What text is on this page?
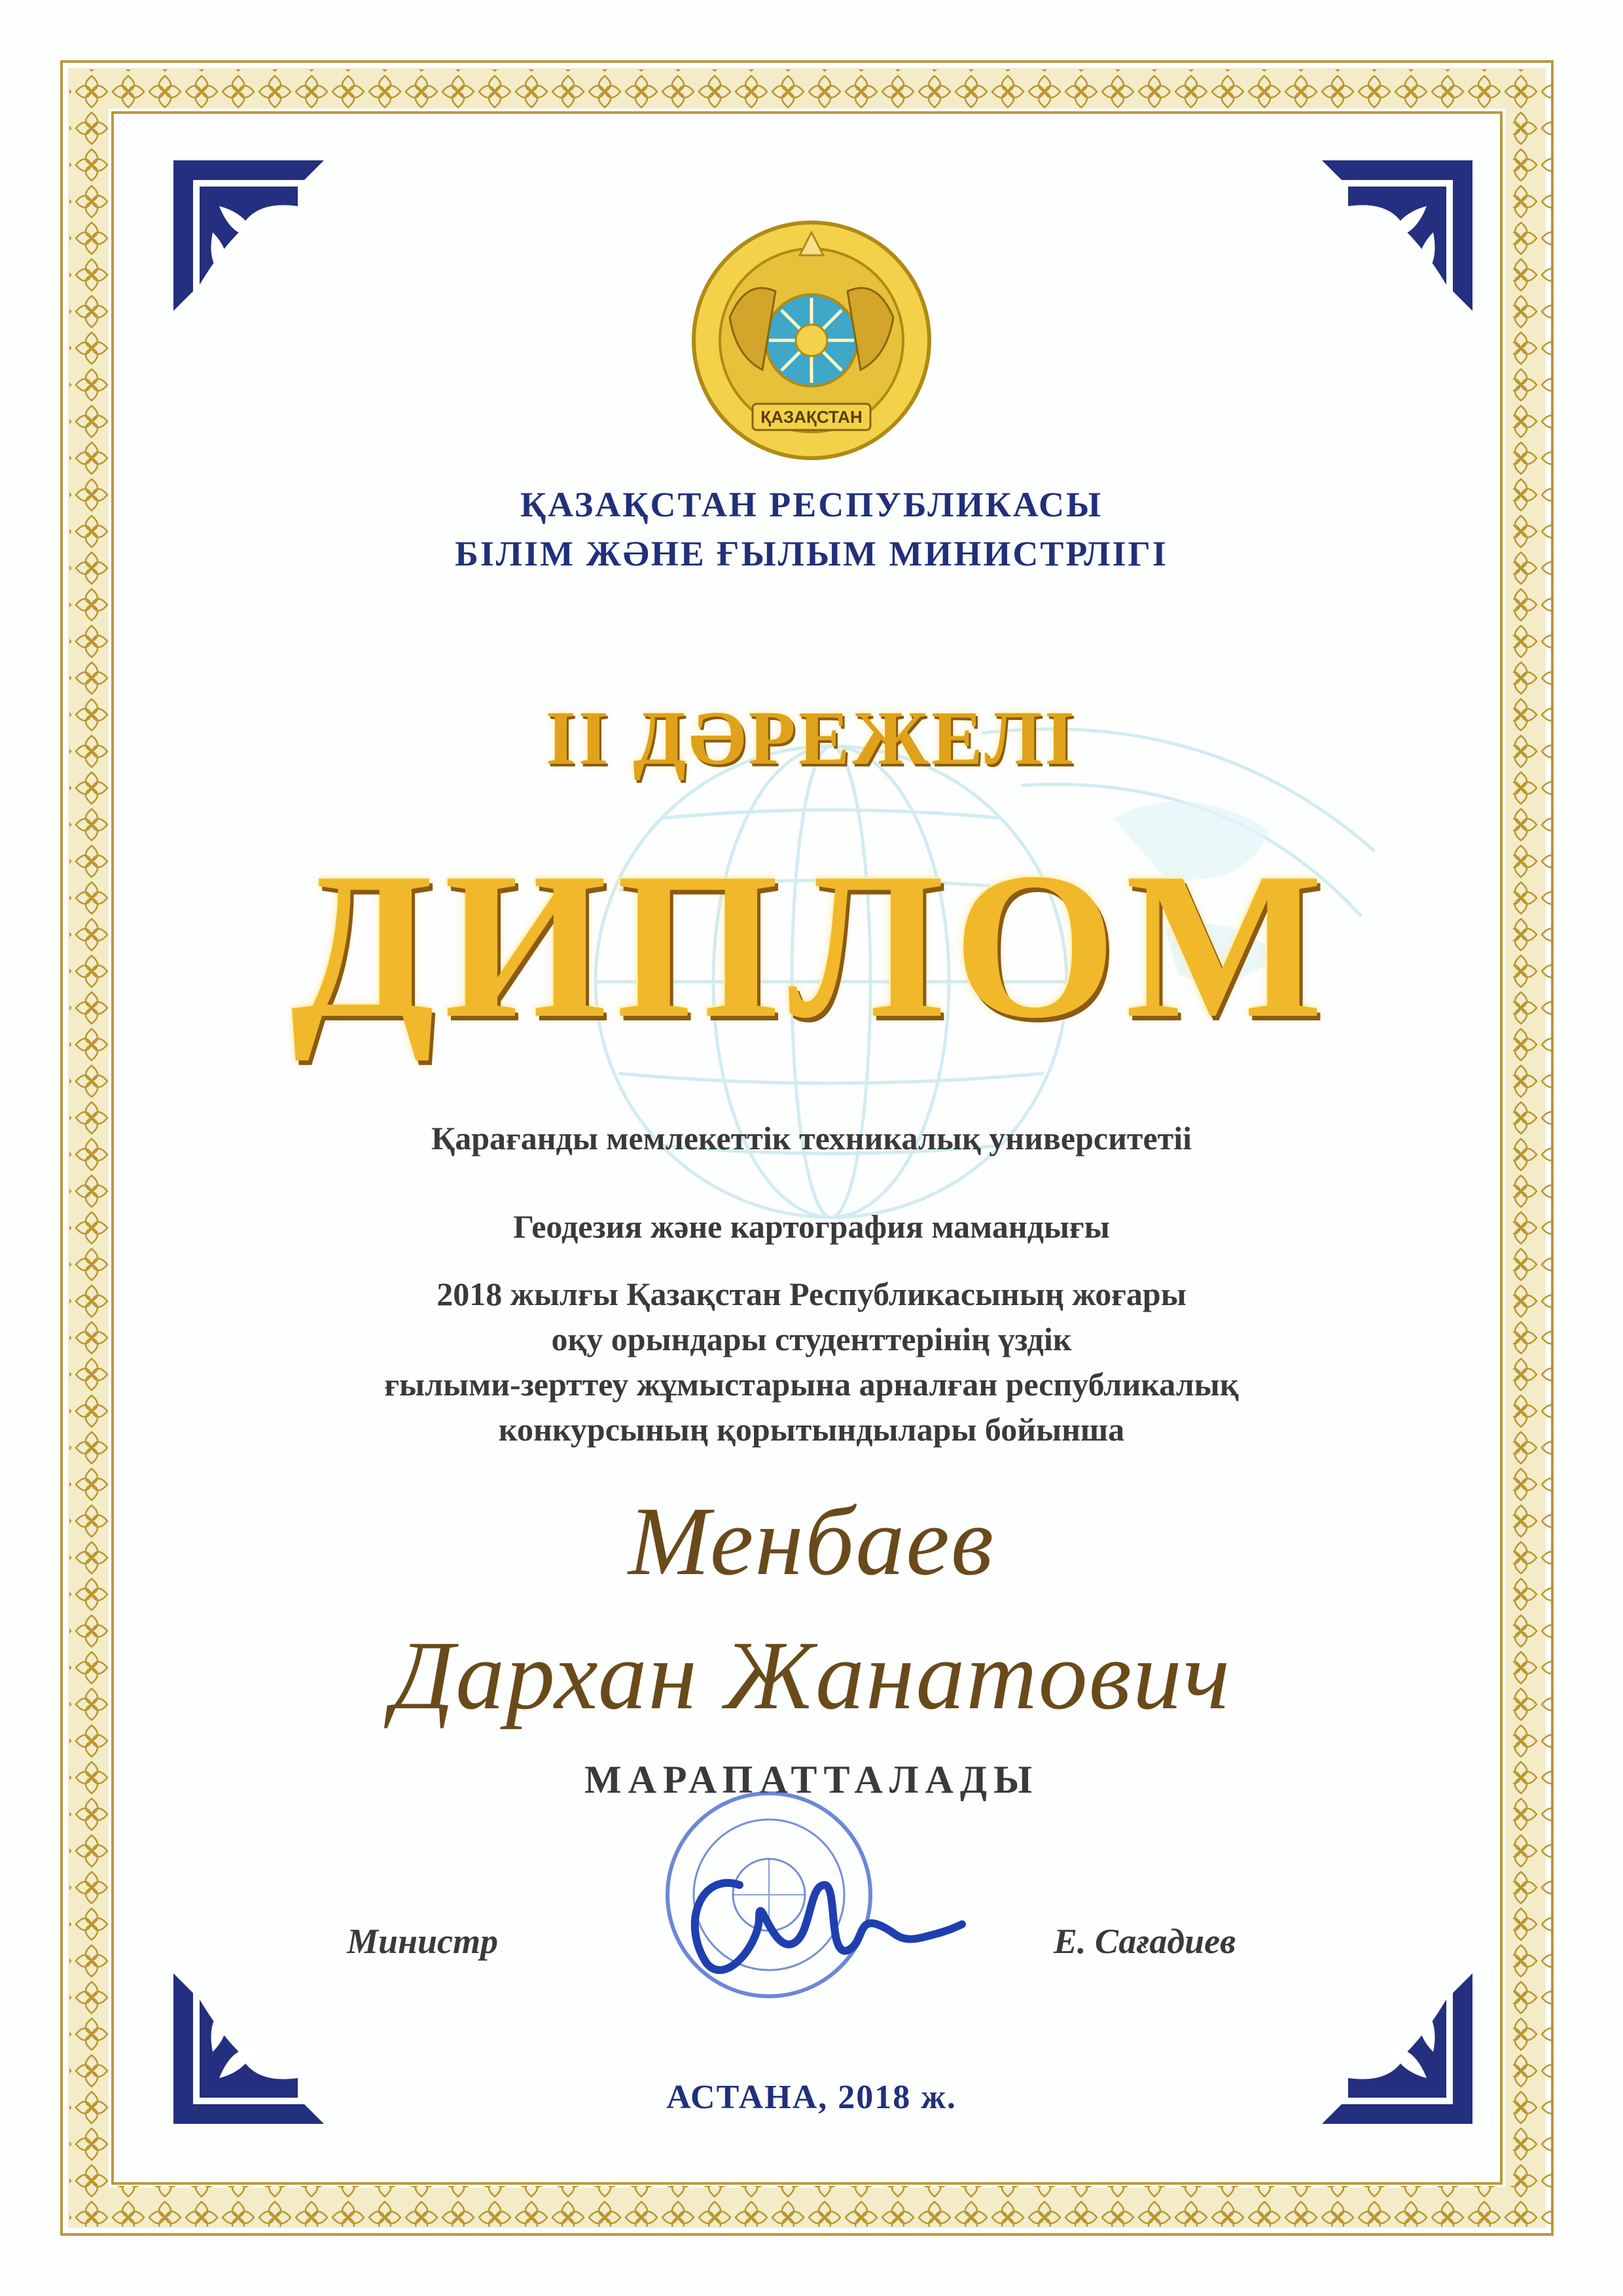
ҚАЗАҚСТАН
ҚАЗАҚСТАН РЕСПУБЛИКАСЫ
БІЛІМ ЖӘНЕ ҒЫЛЫМ МИНИСТРЛІГІ
II ДӘРЕЖЕЛІ
ДИПЛОМ
Қарағанды мемлекеттік техникалық университетіі
Геодезия және картография мамандығы
2018 жылғы Қазақстан Республикасының жоғары
оқу орындары студенттерінің үздік
ғылыми-зерттеу жұмыстарына арналған республикалық
конкурсының қорытындылары бойынша
Менбаев
Дархан Жанатович
МАРАПАТТАЛАДЫ
Министр	Е. Сағадиев
АСТАНА, 2018 ж.
